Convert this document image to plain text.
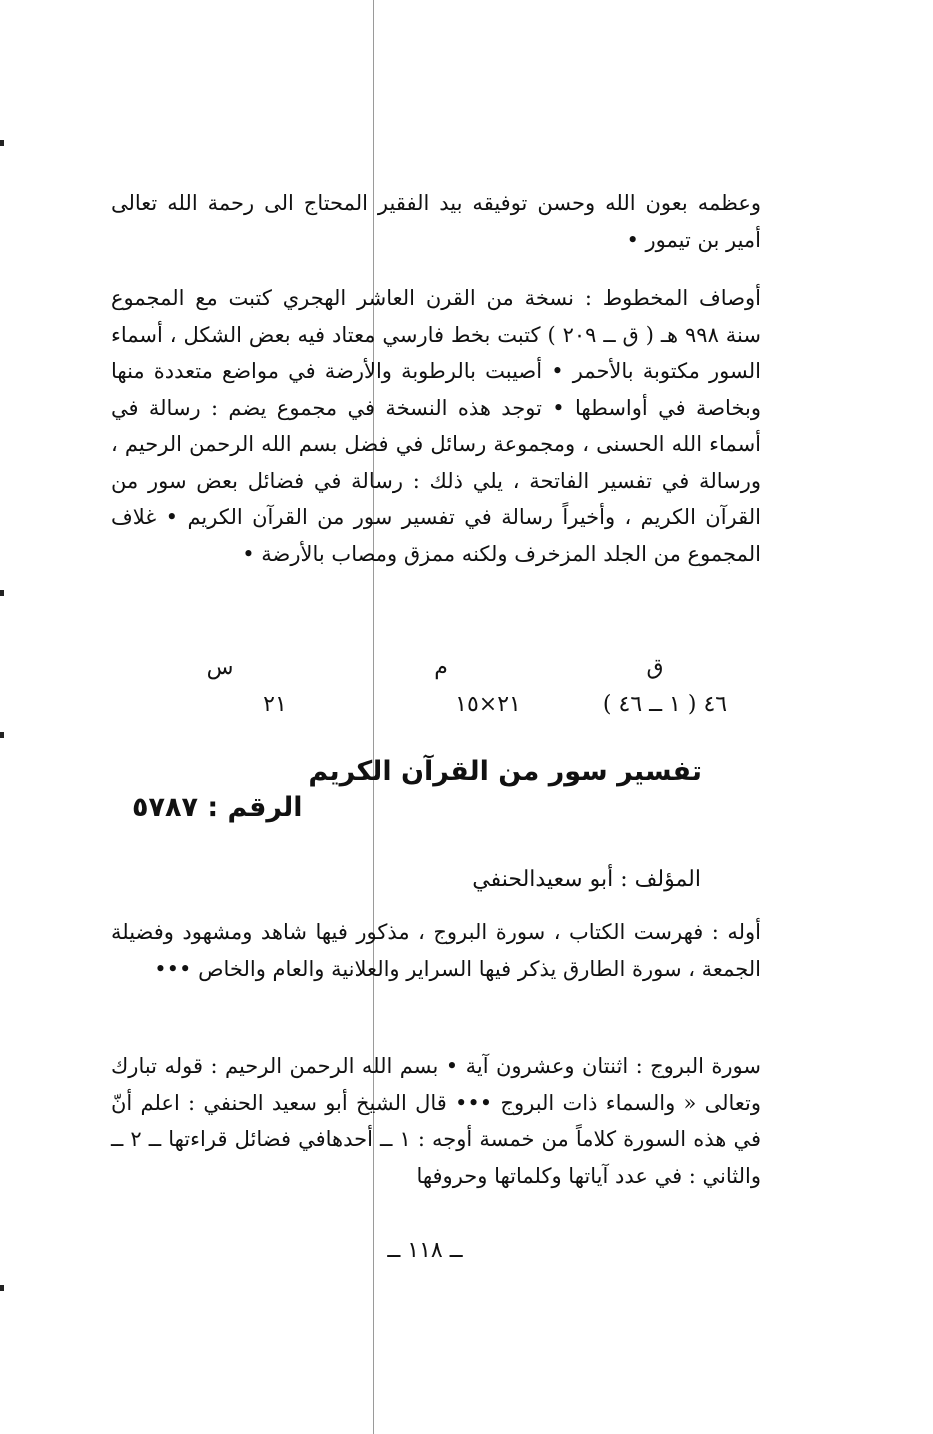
وعظمه بعون الله وحسن توفيقه بيد الفقير المحتاج الى رحمة الله تعالى أمير بن تيمور •
أوصاف المخطوط : نسخة من القرن العاشر الهجري كتبت مع المجموع سنة ٩٩٨ هـ ( ق ــ ٢٠٩ ) كتبت بخط فارسي معتاد فيه بعض الشكل ، أسماء السور مكتوبة بالأحمر • أصيبت بالرطوبة والأرضة في مواضع متعددة منها وبخاصة في أواسطها • توجد هذه النسخة في مجموع يضم : رسالة في أسماء الله الحسنى ، ومجموعة رسائل في فضل بسم الله الرحمن الرحيم ، ورسالة في تفسير الفاتحة ، يلي ذلك : رسالة في فضائل بعض سور من القرآن الكريم ، وأخيراً رسالة في تفسير سور من القرآن الكريم • غلاف المجموع من الجلد المزخرف ولكنه ممزق ومصاب بالأرضة •
ق
م
س
٤٦ ( ١ ــ ٤٦ )
٢١×١٥
٢١
تفسير سور من القرآن الكريم
الرقم : ٥٧٨٧
المؤلف : أبو سعيدالحنفي
أوله : فهرست الكتاب ، سورة البروج ، مذكور فيها شاهد ومشهود وفضيلة الجمعة ، سورة الطارق يذكر فيها السراير والعلانية والعام والخاص •••
سورة البروج : اثنتان وعشرون آية • بسم الله الرحمن الرحيم : قوله تبارك وتعالى « والسماء ذات البروج ••• قال الشيخ أبو سعيد الحنفي : اعلم أنّ في هذه السورة كلاماً من خمسة أوجه : ١ ــ أحدهافي فضائل قراءتها ــ ٢ ــ والثاني : في عدد آياتها وكلماتها وحروفها
ــ ١١٨ ــ
